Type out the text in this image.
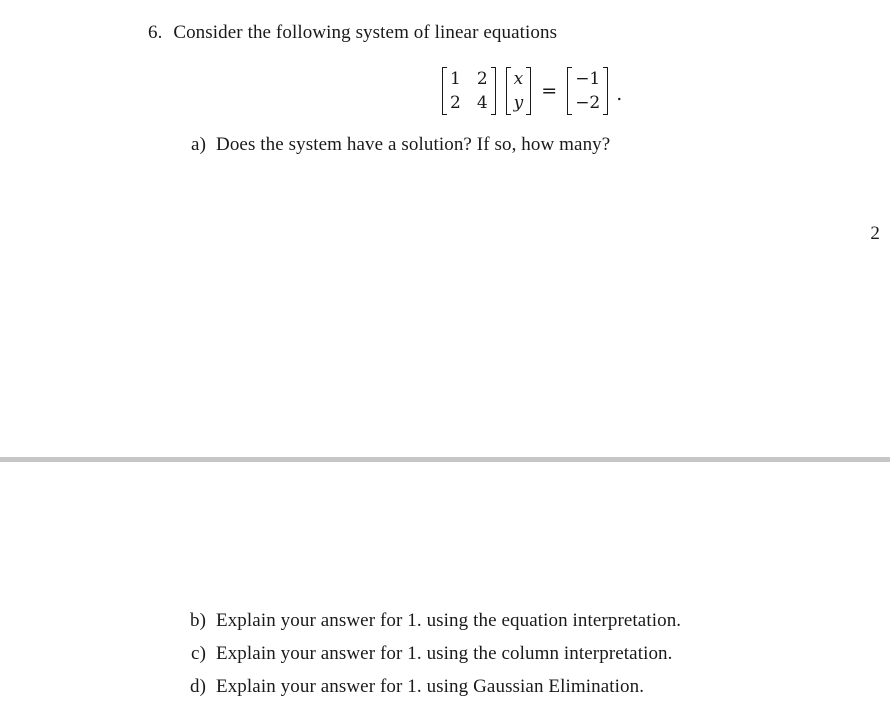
6. Consider the following system of linear equations
1
2
2
4
x
y
=
−1
−2 .
a) Does the system have a solution? If so, how many?
2
b) Explain your answer for 1. using the equation interpretation.
c) Explain your answer for 1. using the column interpretation.
d) Explain your answer for 1. using Gaussian Elimination.
